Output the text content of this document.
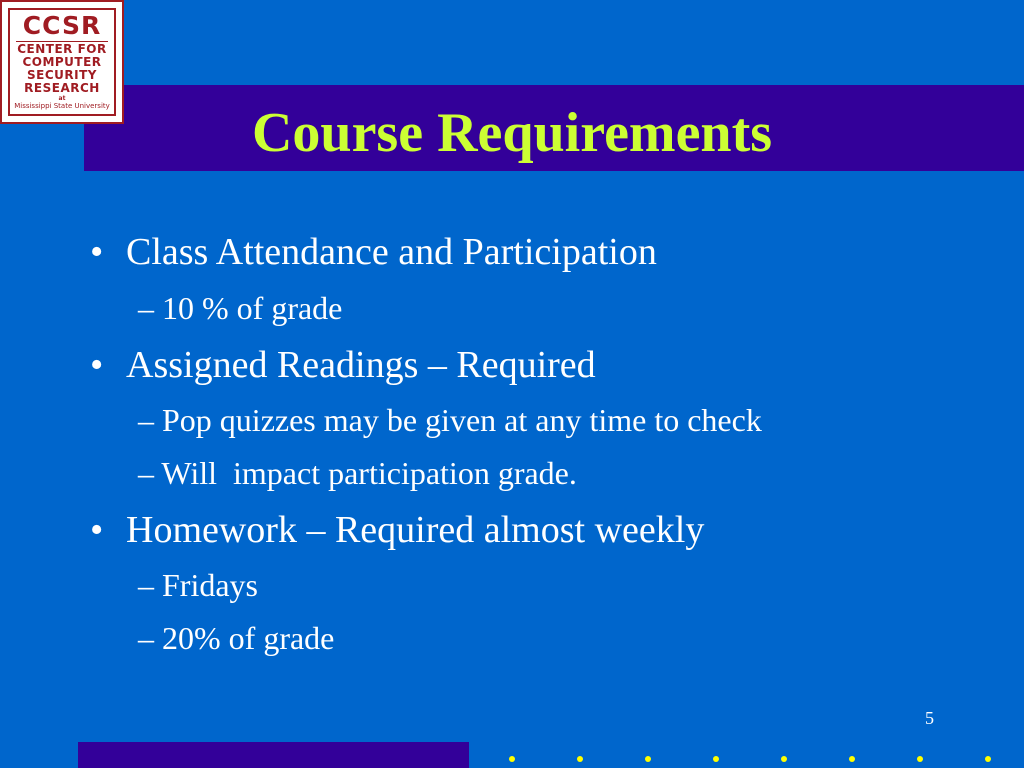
Course Requirements
CCSR
CENTER FOR
COMPUTER
SECURITY
RESEARCH
at
Mississippi State University
• Class Attendance and Participation
– 10 % of grade
• Assigned Readings – Required
– Pop quizzes may be given at any time to check
– Will  impact participation grade.
• Homework – Required almost weekly
– Fridays
– 20% of grade
5
